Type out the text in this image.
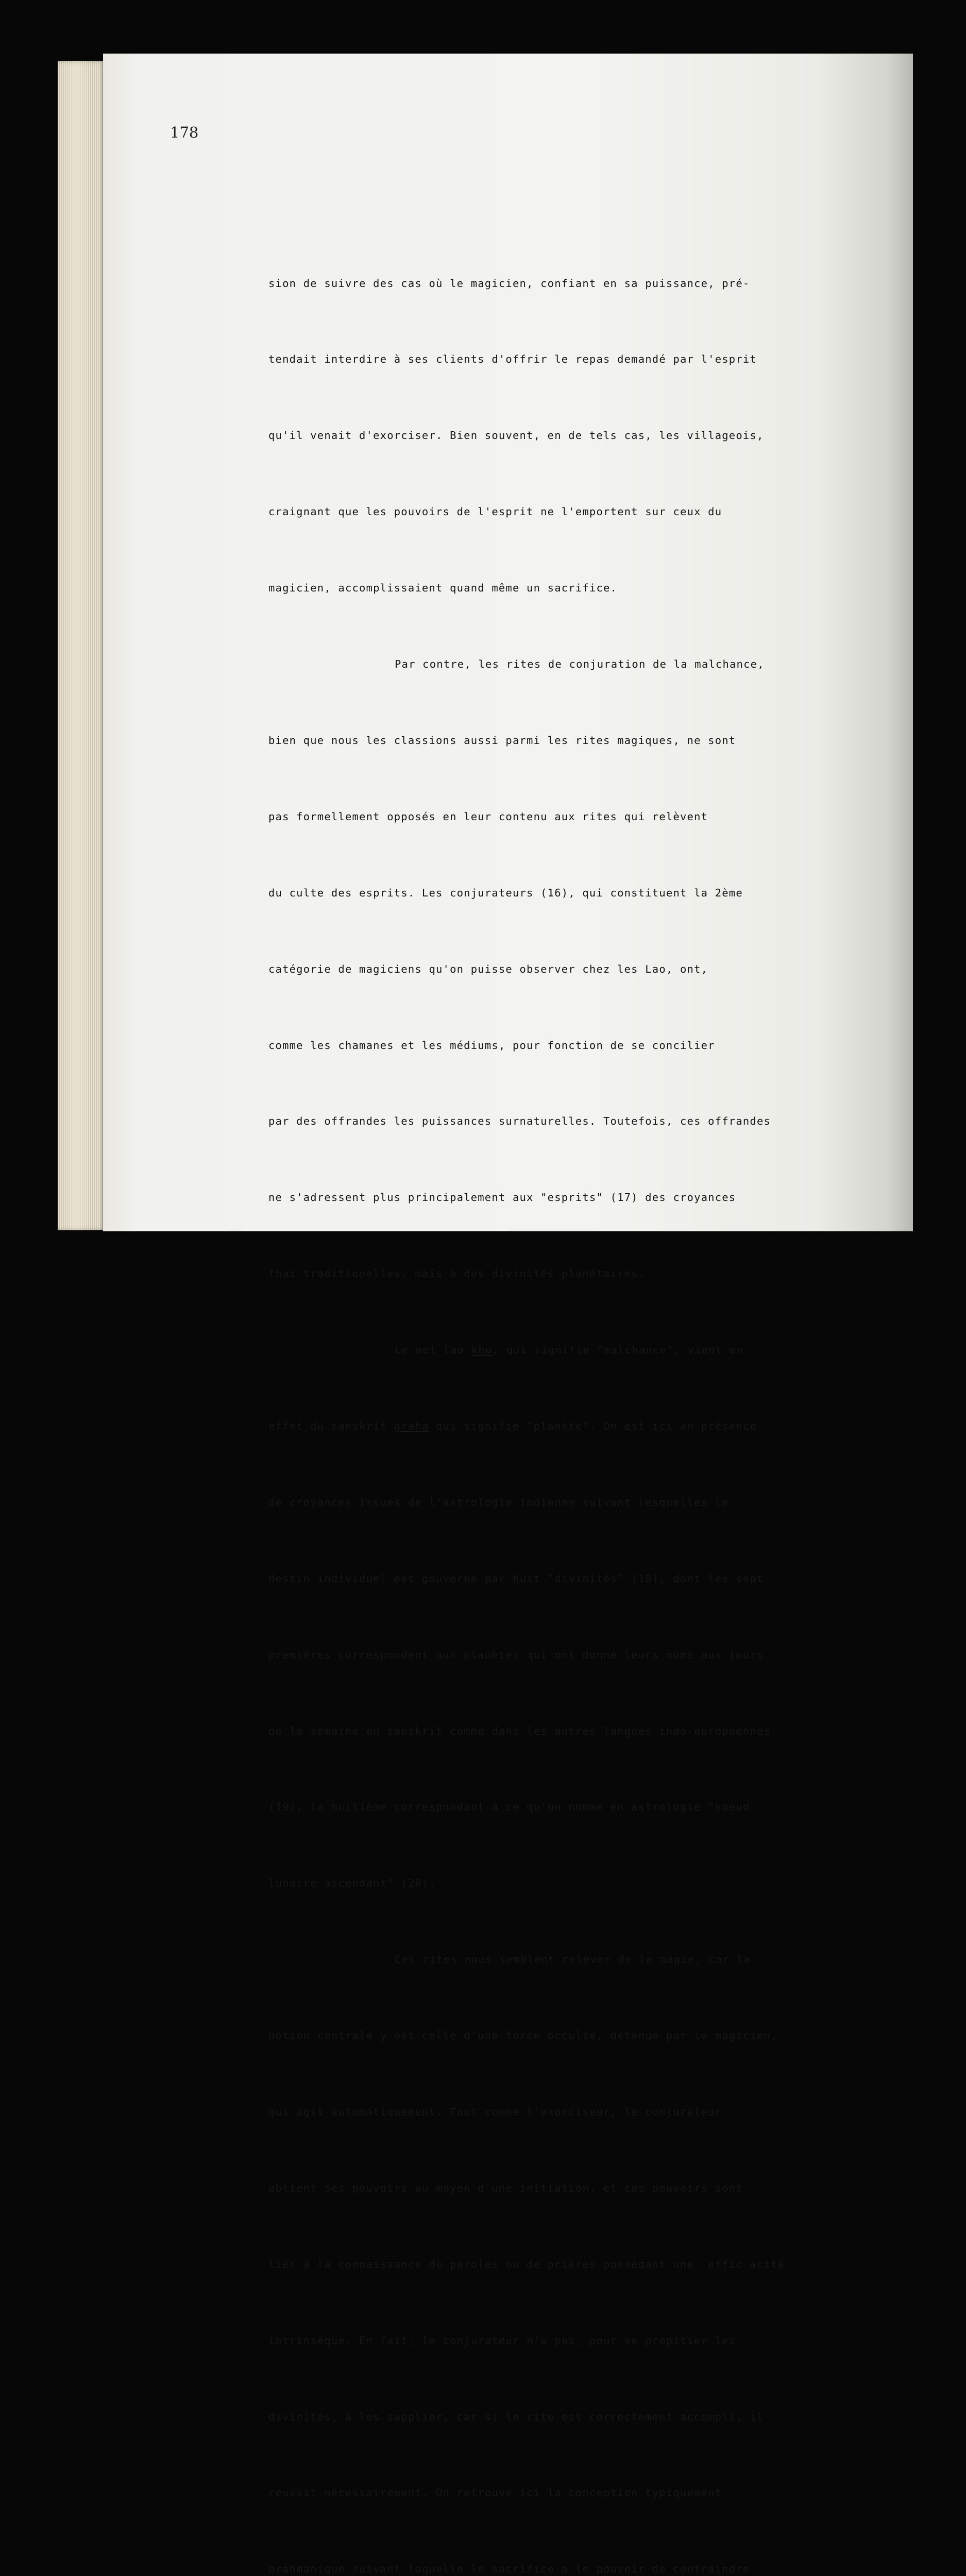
178

sion de suivre des cas où le magicien, confiant en sa puissance, pré-

tendait interdire à ses clients d'offrir le repas demandé par l'esprit

qu'il venait d'exorciser. Bien souvent, en de tels cas, les villageois,

craignant que les pouvoirs de l'esprit ne l'emportent sur ceux du

magicien, accomplissaient quand même un sacrifice.

Par contre, les rites de conjuration de la malchance,

bien que nous les classions aussi parmi les rites magiques, ne sont

pas formellement opposés en leur contenu aux rites qui relèvent

du culte des esprits. Les conjurateurs (16), qui constituent la 2ème

catégorie de magiciens qu'on puisse observer chez les Lao, ont,

comme les chamanes et les médiums, pour fonction de se concilier

par des offrandes les puissances surnaturelles. Toutefois, ces offrandes

ne s'adressent plus principalement aux "esprits" (17) des croyances

thai traditionelles, mais à des divinités planétaires.

Le mot lao kho, qui signifie "malchance", vient en

effet du sanskrit graha qui signifie "planète". On est ici en présence

de croyances issues de l'astrologie indienne suivant lesquelles le

destin individuel est gouverné par huit "divinités" (18), dont les sept

premières correspondent aux planètes qui ont donné leurs noms aux jours

de la semaine en sanskrit comme dans les autres langues indo-européennes

(19), la huitième correspondant à ce qu'on nomme en astrologie "noeud

lunaire ascendant" (20).

Ces rites nous semblent relever de la magie, car la

notion centrale y est celle d'une force occulte, détenue par le magicien,

qui agit automatiquement. Tout comme l'exorciseur, le conjurateur

obtient ses pouvoirs au moyen d'une initiation, et ces pouvoirs sont

liés à la connaissance de paroles ou de prières possédant une  effic acité

intrinsèque. En fait, le conjurateur n'a pas, pour se propitier les

divinités, à les supplier, car si le rite est correctement accompli, il

réussit nécessairement. On retrouve ici la conception typiquement

brâhmanique suivant laquelle le sacrifice a le pouvoir de contraindre
